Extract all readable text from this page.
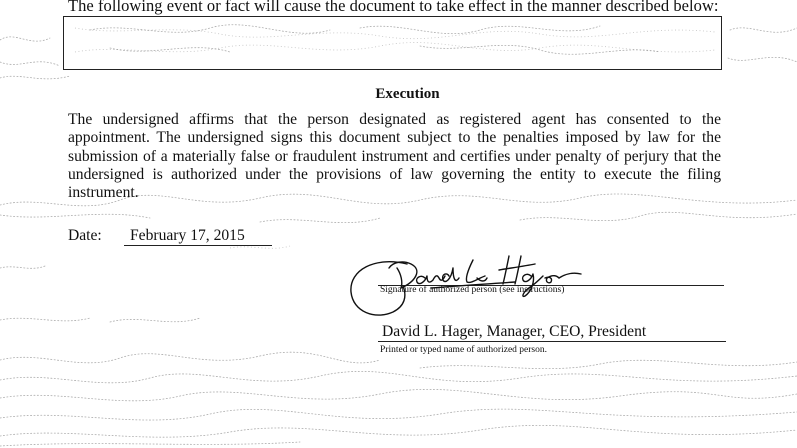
The following event or fact will cause the document to take effect in the manner described below:
Execution
The undersigned affirms that the person designated as registered agent has consented to the appointment. The undersigned signs this document subject to the penalties imposed by law for the submission of a materially false or fraudulent instrument and certifies under penalty of perjury that the undersigned is authorized under the provisions of law governing the entity to execute the filing instrument.
Date:	February 17, 2015
Signature of authorized person (see instructions)
David L. Hager, Manager, CEO, President
Printed or typed name of authorized person.
